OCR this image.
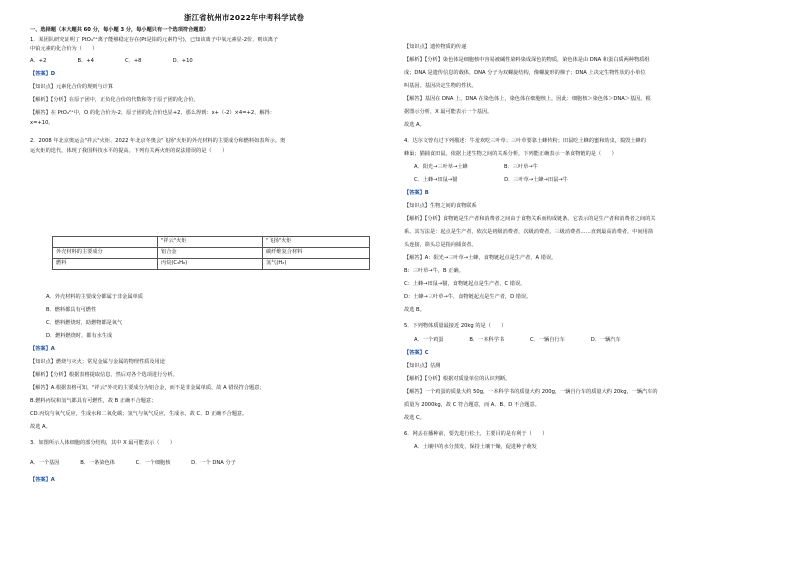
浙江省杭州市2022年中考科学试卷
	"祥云"火炬	"飞扬"火炬
外壳材料的主要成分	铝合金	碳纤维复合材料
燃料	丙烷(C₃H₈)	氢气(H₂)
一、选择题（本大题共 60 分，每小题 3 分，每小题只有一个选项符合题意）
1．某团队研究证明了 PtO₄²⁺离子能够稳定存在(Pt是铂的元素符号)，已知该离子中氧元素显-2价，则该离子
中铂元素的化合价为（　　）
A．+2　　　　　　B．+4　　　　　　C．+8　　　　　　D．+10
【答案】D
【知识点】元素化合价的规则与计算
【解析】【分析】在原子团中，正负化合价的代数和等于原子团的化合价。
【解答】在 PtO₄²⁺中，O 的化合价为-2，原子团的化合价也显+2，那么得到：x+（-2）×4=+2，解得：
x=+10。
2．2008 年北京奥运会"祥云"火炬、2022 年北京冬奥会"飞扬"火炬的外壳材料的主要成分和燃料如表所示。奥
运火炬的迭代，体现了我国科技水平的提高。下列有关两火炬的说法错误的是（　　）
A．外壳材料的主要成分都属于非金属单质
B．燃料都具有可燃性
C．燃料燃烧时，助燃物都是氧气
D．燃料燃烧时，都有水生成
【答案】A
【知识点】燃烧与灭火；常见金属与金属的物理性质及用途
【解析】【分析】根据表格提取信息，然后对各个选项进行分析。
【解答】A.根据表格可知，"祥云"外壳的主要成分为铝合金，而不是非金属单质，故 A 错误符合题意；
B.燃料丙烷和氢气都具有可燃性，故 B 正确不合题意；
CD.丙烷与氧气反应，生成水和二氧化碳；氢气与氧气反应，生成水，故 C、D 正确不合题意。
故选 A。
3．如图所示人体细胞的部分结构，其中 X 最可能表示（　　）
A．一个基因　　　　B．一条染色体　　　　C．一个细胞核　　　　D．一个 DNA 分子
【答案】A
【知识点】遗传物质的传递
【解析】【分析】染色体是细胞核中容易被碱性染料染成深色的物质，染色体是由 DNA 和蛋白质两种物质组
成；DNA 是遗传信息的载体，DNA 分子为双螺旋结构，像螺旋形的梯子；DNA 上决定生物性状的小单位
叫基因。基因决定生物的性状。
【解答】基因在 DNA 上，DNA 在染色体上，染色体在细胞核上。因此：细胞核＞染色体＞DNA＞基因。根
据图示分析，X 最可能表示一个基因。
故选 A。
4．达尔文曾有过下列描述：牛羞欢吃三叶草；三叶草要靠土蜂传粉；田鼠吃土蜂的蜜和幼虫，捣毁土蜂的
蜂巢；猫捕食田鼠。依据上述生物之间的关系分析，下列能正确表示一条食物链的是（　　）
A．阳光→三叶草→土蜂　　　　　　　B．三叶草→牛
C．土蜂→田鼠→猫　　　　　　　　　D．三叶草→土蜂→田鼠→牛
【答案】B
【知识点】生物之间的食物联系
【解析】【分析】食物链是生产者和消费者之间由于食物关系而构成链条。它表示的是生产者和消费者之间的关
系。其写法是：起点是生产者，依次是初级消费者，次级消费者，三级消费者……直到最高消费者，中间用箭
头连接，箭头总是指向捕食者。
【解答】A：阳光→三叶草→土蜂，食物链起点是生产者，A 错误。
B：三叶草→牛，B 正确。
C：土蜂→田鼠→猫，食物链起点是生产者，C 错误。
D：土蜂→三叶草→牛，食物链起点是生产者，D 错误。
故选 B。
5．下列物体质量最接近 20kg 的是（　　）
A．一个鸡蛋　　　　　B．一本科学书　　　　　C．一辆自行车　　　　　D．一辆汽车
【答案】C
【知识点】估测
【解析】【分析】根据对质量单位的认识判断。
【解答】一个鸡蛋的质量大约 50g，一本科学书的质量大约 200g，一辆自行车的质量大约 20kg，一辆汽车的
质量为 2000kg，故 C 符合题意，而 A、B、D 不合题意。
故选 C。
6．网丢在播种前，要先进行松土，主要目的是有利于（　　）
A．土壤中的水分蒸发，保持土壤干燥，促进种子萌发
